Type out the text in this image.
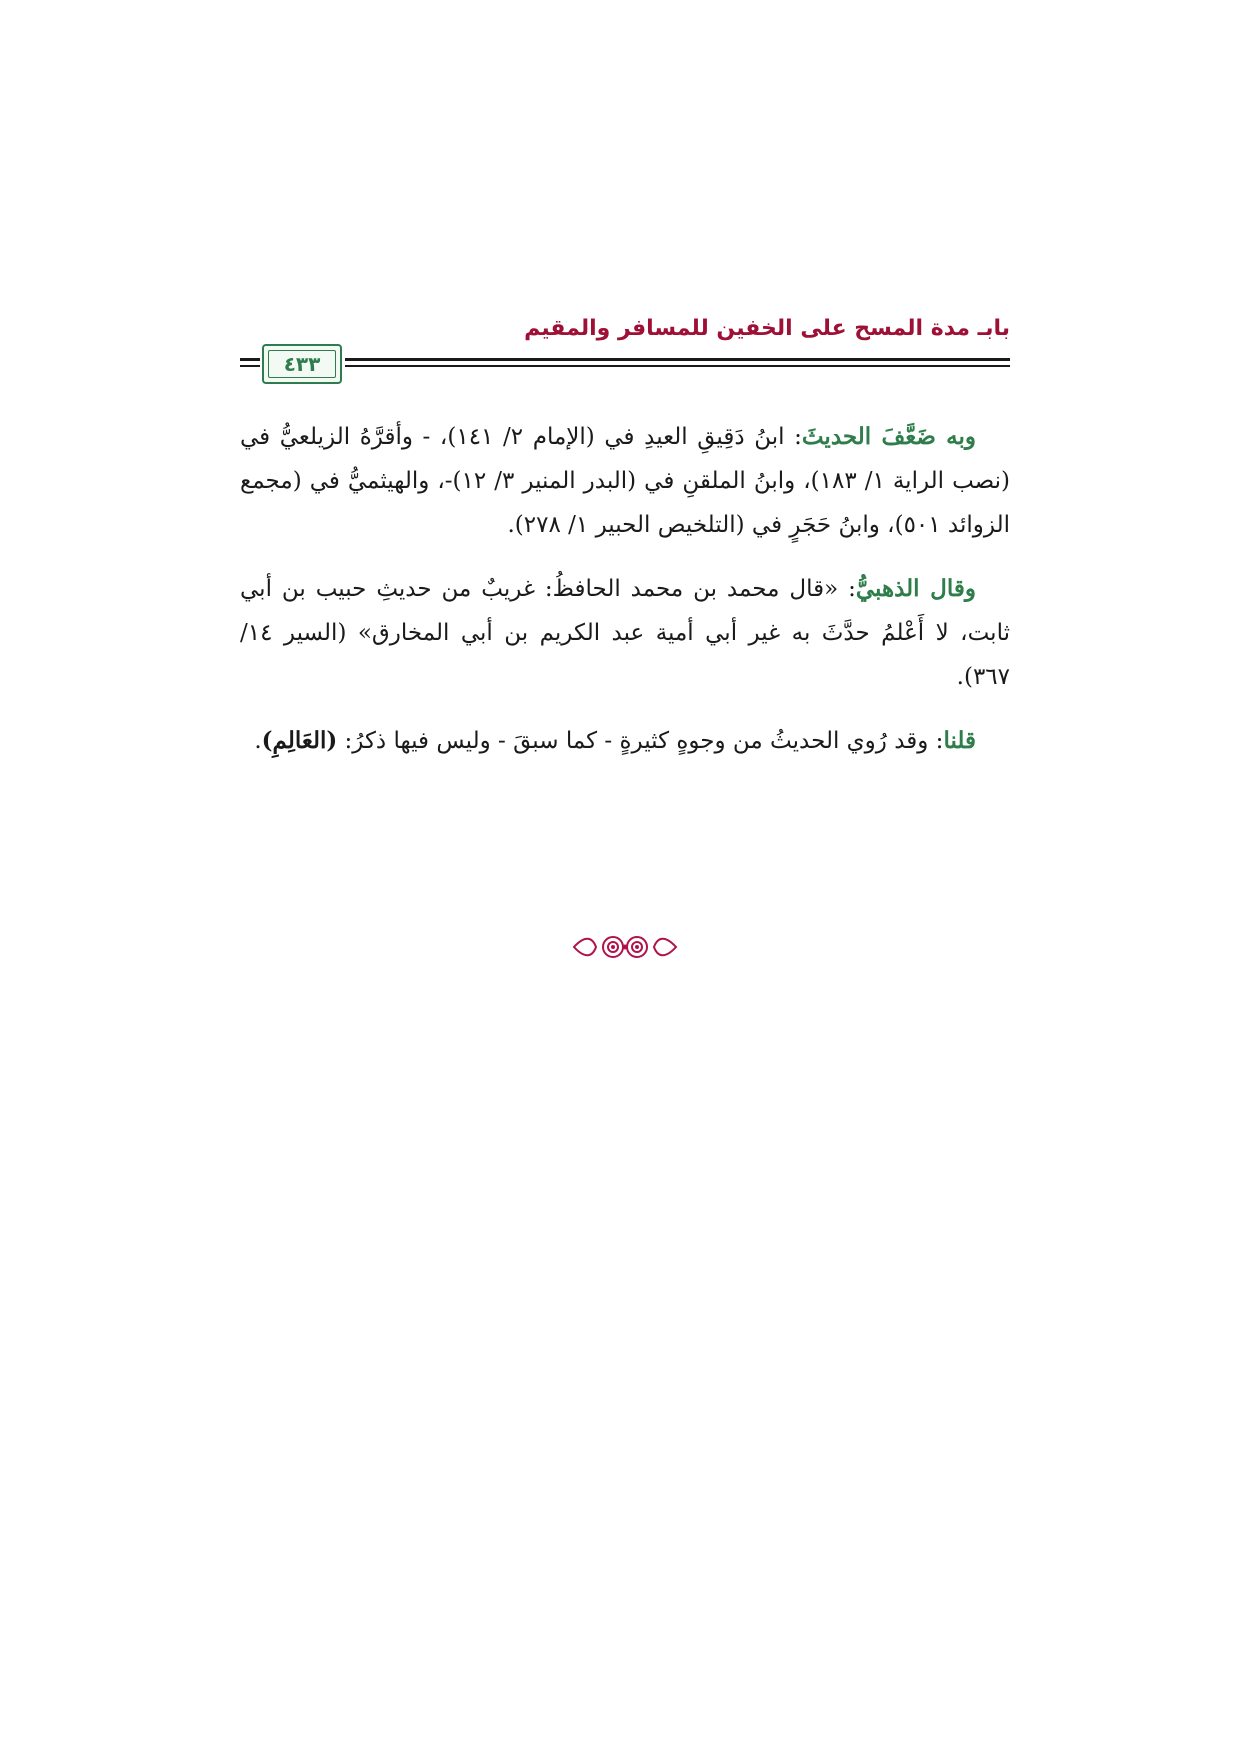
بابـ مدة المسح على الخفين للمسافر والمقيم
٤٣٣

وبه ضَعَّفَ الحديثَ: ابنُ دَقِيقِ العيدِ في (الإمام ٢/ ١٤١)، - وأقرَّهُ الزيلعيُّ في (نصب الراية ١/ ١٨٣)، وابنُ الملقنِ في (البدر المنير ٣/ ١٢)-، والهيثميُّ في (مجمع الزوائد ٥٠١)، وابنُ حَجَرٍ في (التلخيص الحبير ١/ ٢٧٨).

وقال الذهبيُّ: «قال محمد بن محمد الحافظُ: غريبٌ من حديثِ حبيب بن أبي ثابت، لا أَعْلمُ حدَّثَ به غير أبي أمية عبد الكريم بن أبي المخارق» (السير ١٤/ ٣٦٧).

قلنا: وقد رُوي الحديثُ من وجوهٍ كثيرةٍ - كما سبقَ - وليس فيها ذكرُ: (العَالِمِ).
